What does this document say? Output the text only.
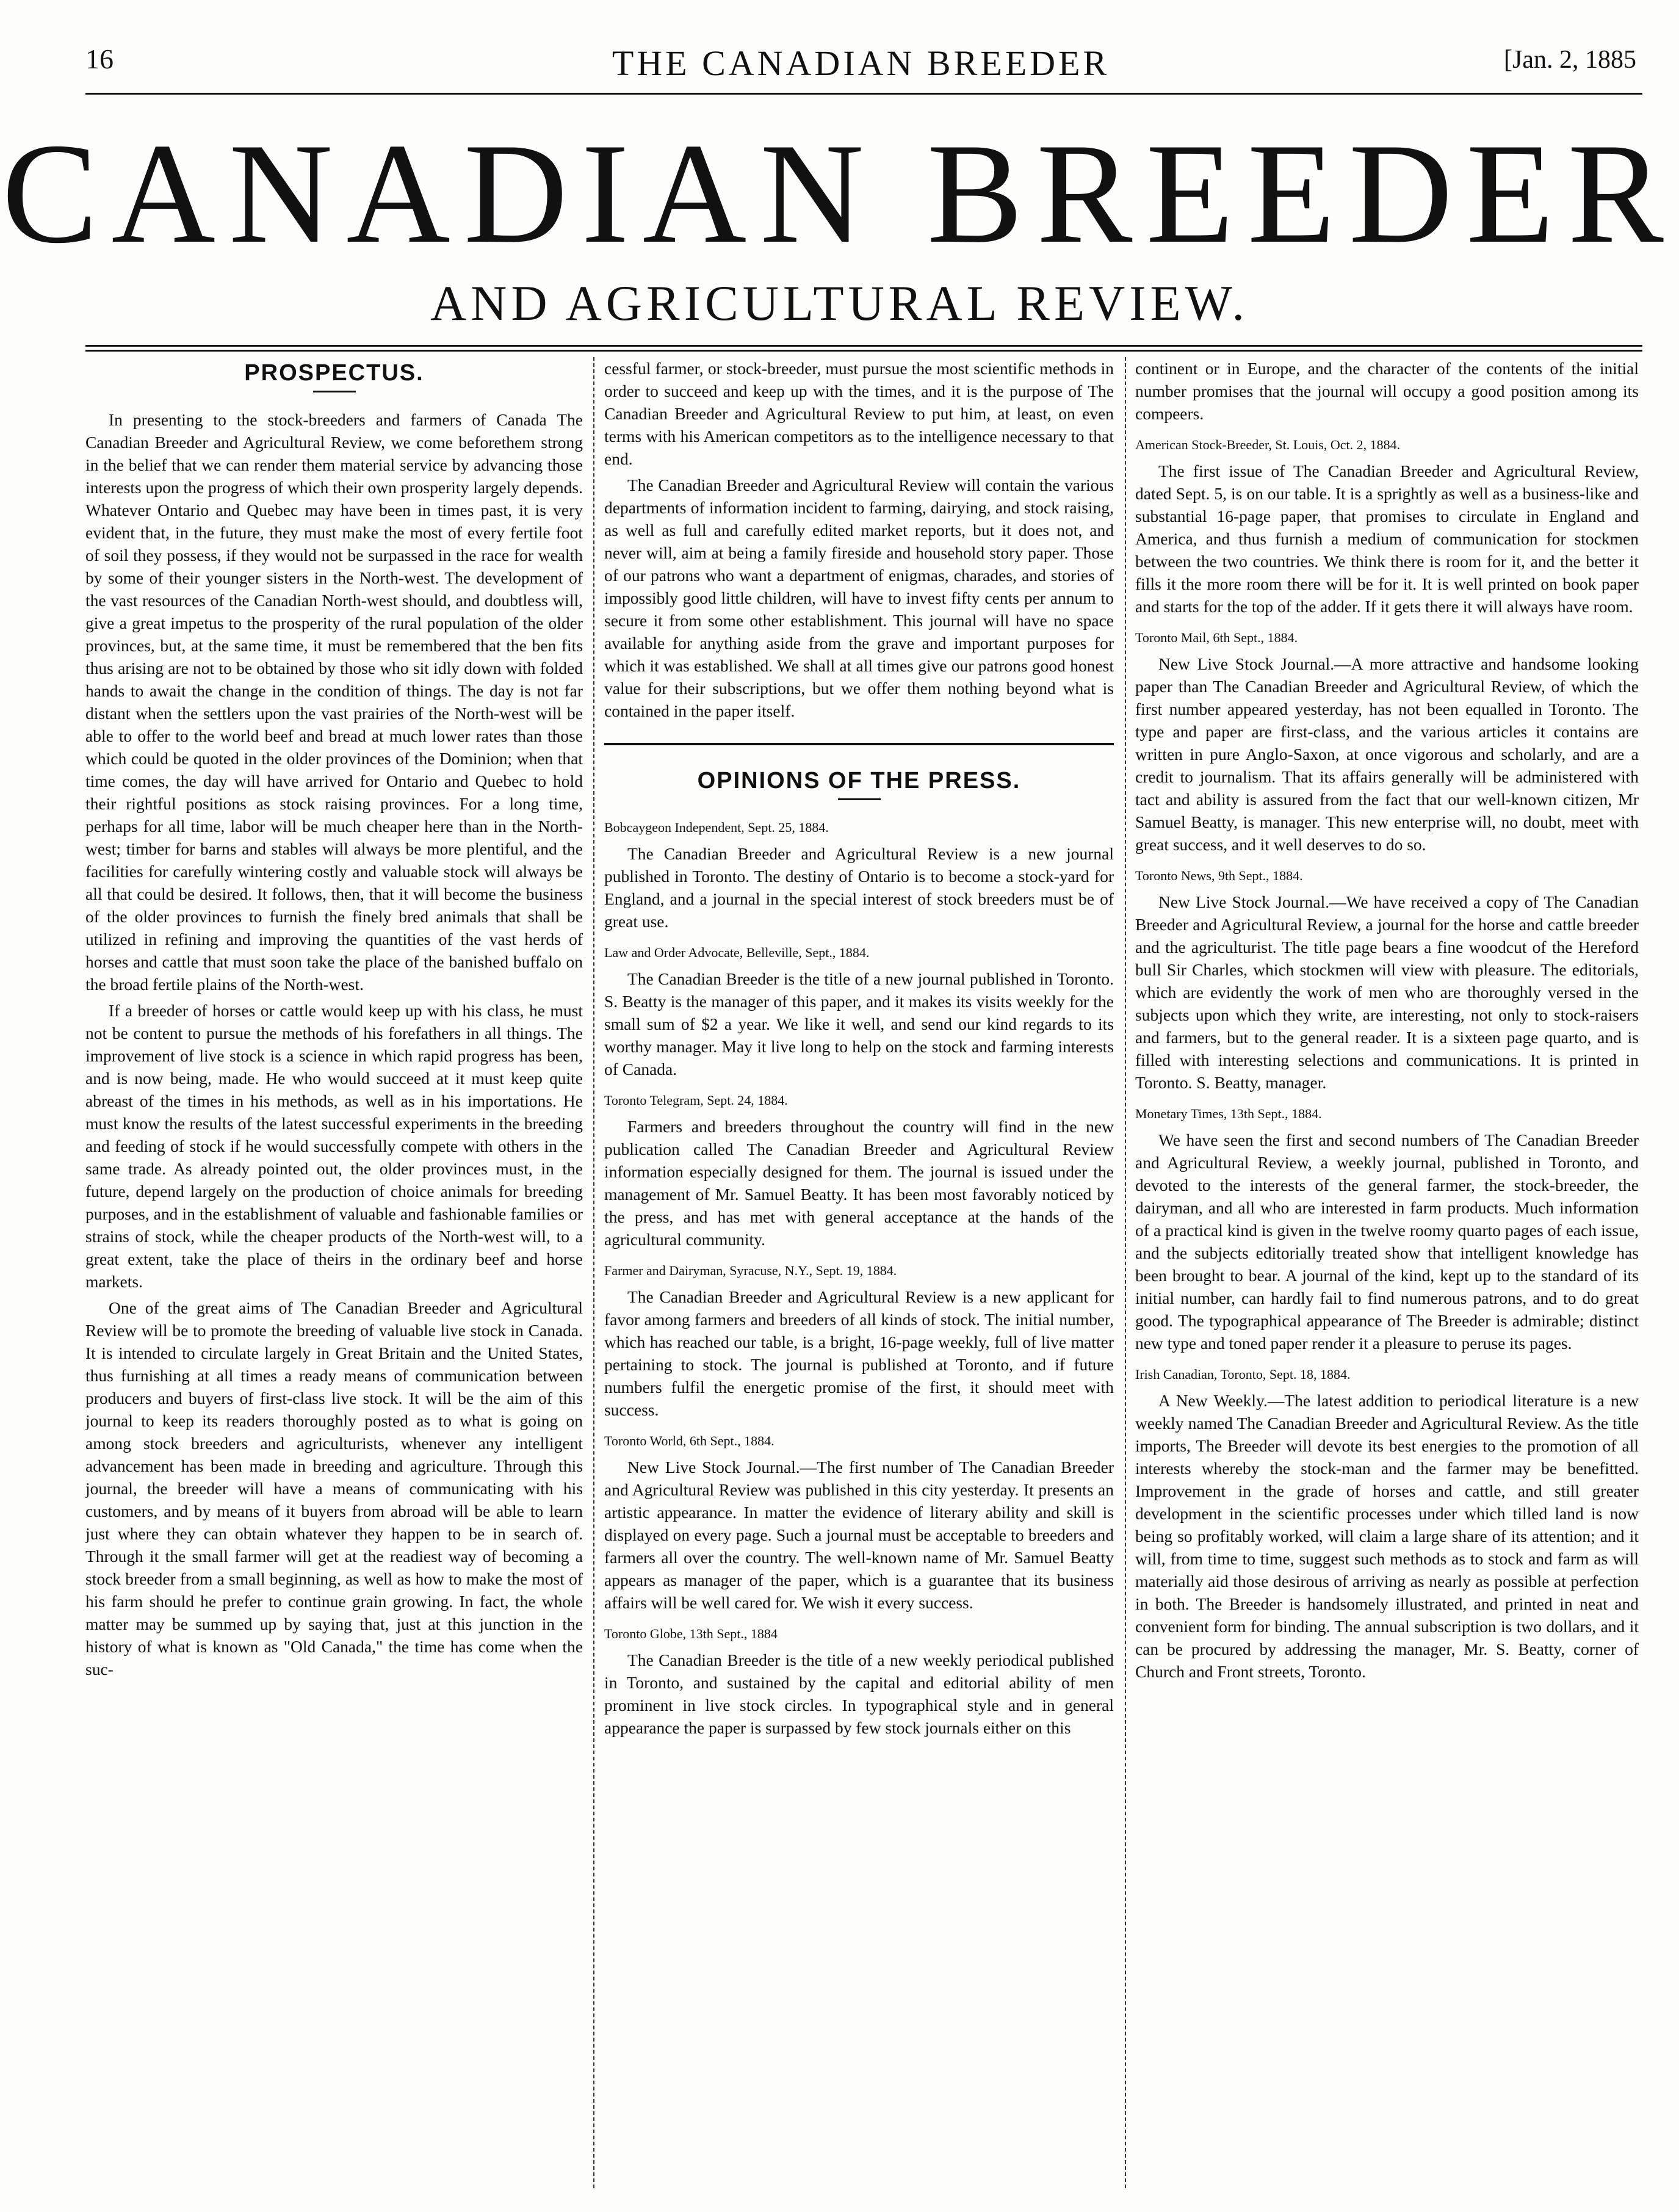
16	THE CANADIAN BREEDER	[Jan. 2, 1885
CANADIAN BREEDER
AND AGRICULTURAL REVIEW.
PROSPECTUS.

In presenting to the stock-breeders and farmers of Canada The Canadian Breeder and Agricultural Review, we come beforethem strong in the belief that we can render them material service by advancing those interests upon the progress of which their own prosperity largely depends. Whatever Ontario and Quebec may have been in times past, it is very evident that, in the future, they must make the most of every fertile foot of soil they possess, if they would not be surpassed in the race for wealth by some of their younger sisters in the North-west. The development of the vast resources of the Canadian North-west should, and doubtless will, give a great impetus to the prosperity of the rural population of the older provinces, but, at the same time, it must be remembered that the ben fits thus arising are not to be obtained by those who sit idly down with folded hands to await the change in the condition of things. The day is not far distant when the settlers upon the vast prairies of the North-west will be able to offer to the world beef and bread at much lower rates than those which could be quoted in the older provinces of the Dominion; when that time comes, the day will have arrived for Ontario and Quebec to hold their rightful positions as stock raising provinces. For a long time, perhaps for all time, labor will be much cheaper here than in the North-west; timber for barns and stables will always be more plentiful, and the facilities for carefully wintering costly and valuable stock will always be all that could be desired. It follows, then, that it will become the business of the older provinces to furnish the finely bred animals that shall be utilized in refining and improving the quantities of the vast herds of horses and cattle that must soon take the place of the banished buffalo on the broad fertile plains of the North-west.

If a breeder of horses or cattle would keep up with his class, he must not be content to pursue the methods of his forefathers in all things. The improvement of live stock is a science in which rapid progress has been, and is now being, made. He who would succeed at it must keep quite abreast of the times in his methods, as well as in his importations. He must know the results of the latest successful experiments in the breeding and feeding of stock if he would successfully compete with others in the same trade. As already pointed out, the older provinces must, in the future, depend largely on the production of choice animals for breeding purposes, and in the establishment of valuable and fashionable families or strains of stock, while the cheaper products of the North-west will, to a great extent, take the place of theirs in the ordinary beef and horse markets.

One of the great aims of The Canadian Breeder and Agricultural Review will be to promote the breeding of valuable live stock in Canada. It is intended to circulate largely in Great Britain and the United States, thus furnishing at all times a ready means of communication between producers and buyers of first-class live stock. It will be the aim of this journal to keep its readers thoroughly posted as to what is going on among stock breeders and agriculturists, whenever any intelligent advancement has been made in breeding and agriculture. Through this journal, the breeder will have a means of communicating with his customers, and by means of it buyers from abroad will be able to learn just where they can obtain whatever they happen to be in search of. Through it the small farmer will get at the readiest way of becoming a stock breeder from a small beginning, as well as how to make the most of his farm should he prefer to continue grain growing. In fact, the whole matter may be summed up by saying that, just at this junction in the history of what is known as "Old Canada," the time has come when the suc-

cessful farmer, or stock-breeder, must pursue the most scientific methods in order to succeed and keep up with the times, and it is the purpose of The Canadian Breeder and Agricultural Review to put him, at least, on even terms with his American competitors as to the intelligence necessary to that end.

The Canadian Breeder and Agricultural Review will contain the various departments of information incident to farming, dairying, and stock raising, as well as full and carefully edited market reports, but it does not, and never will, aim at being a family fireside and household story paper. Those of our patrons who want a department of enigmas, charades, and stories of impossibly good little children, will have to invest fifty cents per annum to secure it from some other establishment. This journal will have no space available for anything aside from the grave and important purposes for which it was established. We shall at all times give our patrons good honest value for their subscriptions, but we offer them nothing beyond what is contained in the paper itself.

OPINIONS OF THE PRESS.
Bobcaygeon Independent, Sept. 25, 1884.

The Canadian Breeder and Agricultural Review is a new journal published in Toronto. The destiny of Ontario is to become a stock-yard for England, and a journal in the special interest of stock breeders must be of great use.

Law and Order Advocate, Belleville, Sept., 1884.

The Canadian Breeder is the title of a new journal published in Toronto. S. Beatty is the manager of this paper, and it makes its visits weekly for the small sum of $2 a year. We like it well, and send our kind regards to its worthy manager. May it live long to help on the stock and farming interests of Canada.

Toronto Telegram, Sept. 24, 1884.

Farmers and breeders throughout the country will find in the new publication called The Canadian Breeder and Agricultural Review information especially designed for them. The journal is issued under the management of Mr. Samuel Beatty. It has been most favorably noticed by the press, and has met with general acceptance at the hands of the agricultural community.

Farmer and Dairyman, Syracuse, N.Y., Sept. 19, 1884.

The Canadian Breeder and Agricultural Review is a new applicant for favor among farmers and breeders of all kinds of stock. The initial number, which has reached our table, is a bright, 16-page weekly, full of live matter pertaining to stock. The journal is published at Toronto, and if future numbers fulfil the energetic promise of the first, it should meet with success.

Toronto World, 6th Sept., 1884.

New Live Stock Journal.—The first number of The Canadian Breeder and Agricultural Review was published in this city yesterday. It presents an artistic appearance. In matter the evidence of literary ability and skill is displayed on every page. Such a journal must be acceptable to breeders and farmers all over the country. The well-known name of Mr. Samuel Beatty appears as manager of the paper, which is a guarantee that its business affairs will be well cared for. We wish it every success.

Toronto Globe, 13th Sept., 1884

The Canadian Breeder is the title of a new weekly periodical published in Toronto, and sustained by the capital and editorial ability of men prominent in live stock circles. In typographical style and in general appearance the paper is surpassed by few stock journals either on this

continent or in Europe, and the character of the contents of the initial number promises that the journal will occupy a good position among its compeers.

American Stock-Breeder, St. Louis, Oct. 2, 1884.

The first issue of The Canadian Breeder and Agricultural Review, dated Sept. 5, is on our table. It is a sprightly as well as a business-like and substantial 16-page paper, that promises to circulate in England and America, and thus furnish a medium of communication for stockmen between the two countries. We think there is room for it, and the better it fills it the more room there will be for it. It is well printed on book paper and starts for the top of the adder. If it gets there it will always have room.

Toronto Mail, 6th Sept., 1884.

New Live Stock Journal.—A more attractive and handsome looking paper than The Canadian Breeder and Agricultural Review, of which the first number appeared yesterday, has not been equalled in Toronto. The type and paper are first-class, and the various articles it contains are written in pure Anglo-Saxon, at once vigorous and scholarly, and are a credit to journalism. That its affairs generally will be administered with tact and ability is assured from the fact that our well-known citizen, Mr Samuel Beatty, is manager. This new enterprise will, no doubt, meet with great success, and it well deserves to do so.

Toronto News, 9th Sept., 1884.

New Live Stock Journal.—We have received a copy of The Canadian Breeder and Agricultural Review, a journal for the horse and cattle breeder and the agriculturist. The title page bears a fine woodcut of the Hereford bull Sir Charles, which stockmen will view with pleasure. The editorials, which are evidently the work of men who are thoroughly versed in the subjects upon which they write, are interesting, not only to stock-raisers and farmers, but to the general reader. It is a sixteen page quarto, and is filled with interesting selections and communications. It is printed in Toronto. S. Beatty, manager.

Monetary Times, 13th Sept., 1884.

We have seen the first and second numbers of The Canadian Breeder and Agricultural Review, a weekly journal, published in Toronto, and devoted to the interests of the general farmer, the stock-breeder, the dairyman, and all who are interested in farm products. Much information of a practical kind is given in the twelve roomy quarto pages of each issue, and the subjects editorially treated show that intelligent knowledge has been brought to bear. A journal of the kind, kept up to the standard of its initial number, can hardly fail to find numerous patrons, and to do great good. The typographical appearance of The Breeder is admirable; distinct new type and toned paper render it a pleasure to peruse its pages.

Irish Canadian, Toronto, Sept. 18, 1884.

A New Weekly.—The latest addition to periodical literature is a new weekly named The Canadian Breeder and Agricultural Review. As the title imports, The Breeder will devote its best energies to the promotion of all interests whereby the stock-man and the farmer may be benefitted. Improvement in the grade of horses and cattle, and still greater development in the scientific processes under which tilled land is now being so profitably worked, will claim a large share of its attention; and it will, from time to time, suggest such methods as to stock and farm as will materially aid those desirous of arriving as nearly as possible at perfection in both. The Breeder is handsomely illustrated, and printed in neat and convenient form for binding. The annual subscription is two dollars, and it can be procured by addressing the manager, Mr. S. Beatty, corner of Church and Front streets, Toronto.
